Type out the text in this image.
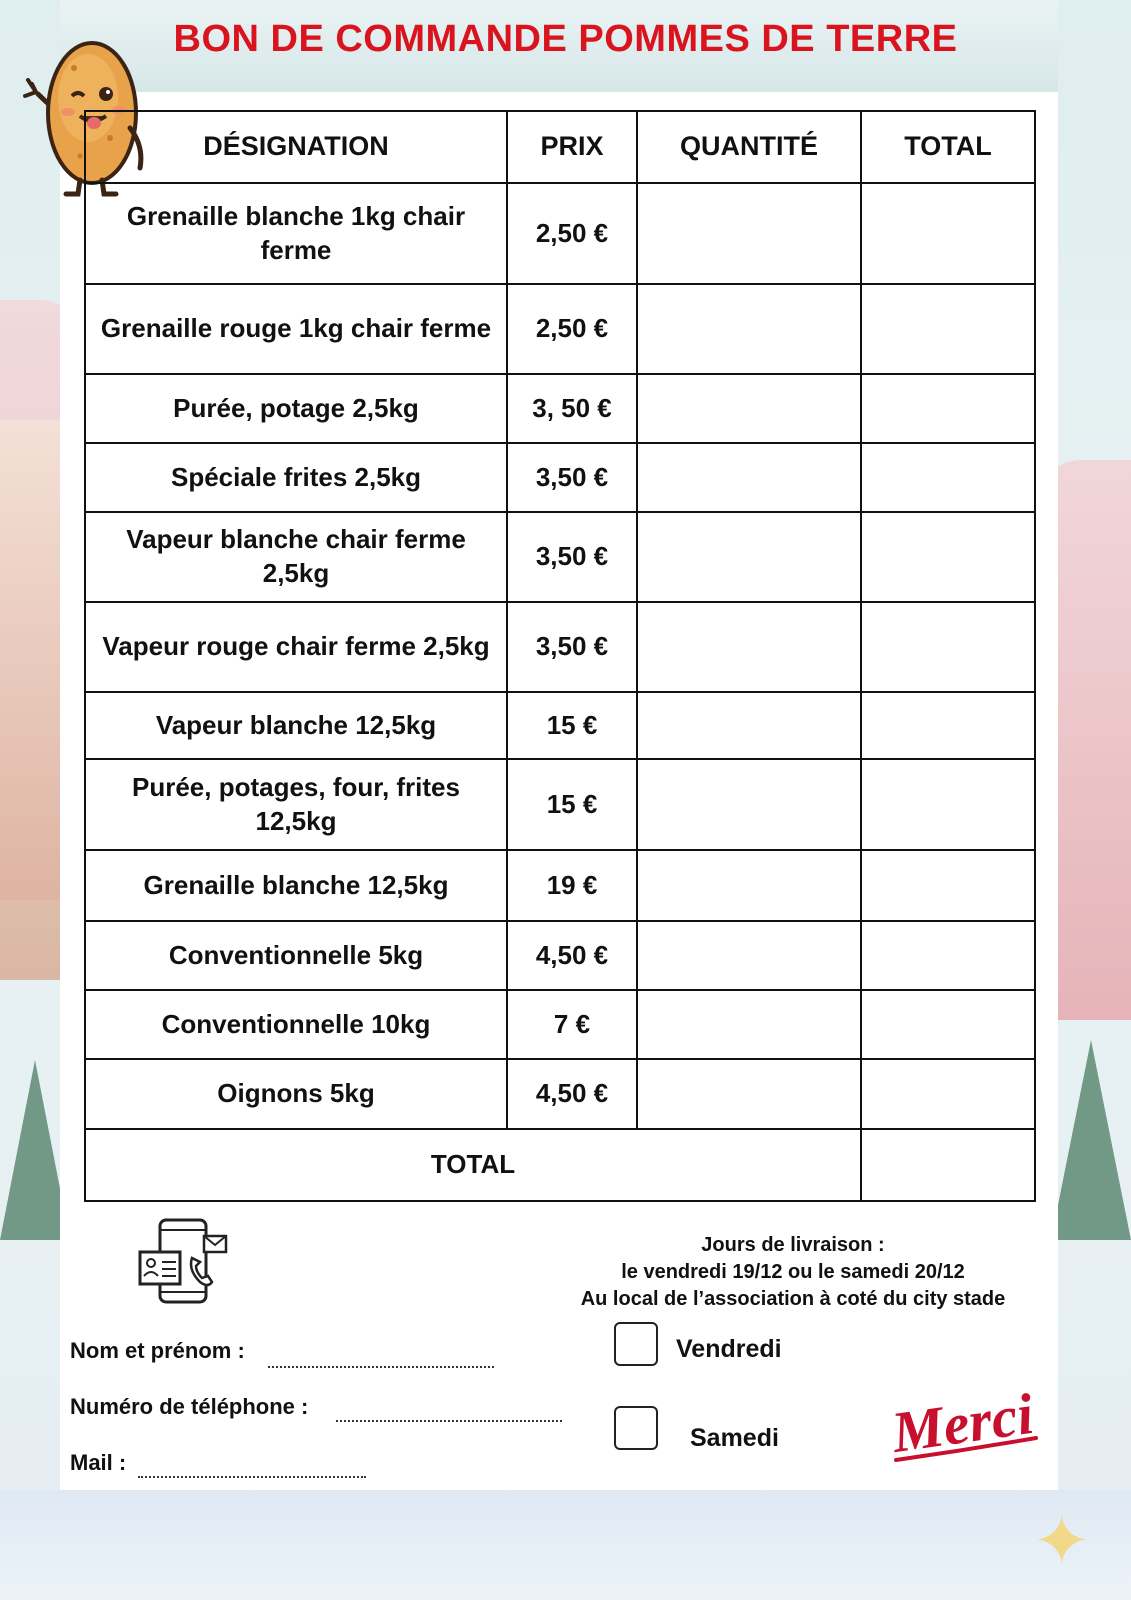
✦
BON DE COMMANDE POMMES DE TERRE
DÉSIGNATION	PRIX	QUANTITÉ	TOTAL
Grenaille blanche 1kg chair ferme	2,50 €		
Grenaille rouge 1kg chair ferme	2,50 €		
Purée, potage 2,5kg	3, 50 €		
Spéciale frites 2,5kg	3,50 €		
Vapeur blanche chair ferme 2,5kg	3,50 €		
Vapeur rouge chair ferme 2,5kg	3,50 €		
Vapeur blanche 12,5kg	15 €		
Purée, potages, four, frites 12,5kg	15 €		
Grenaille blanche 12,5kg	19 €		
Conventionnelle 5kg	4,50 €		
Conventionnelle 10kg	7 €		
Oignons 5kg	4,50 €		
TOTAL			
Nom et prénom :
Numéro de téléphone :
Mail :
Jours de livraison :
le vendredi 19/12 ou le samedi 20/12
Au local de l’association à coté du city stade
Vendredi
Samedi Merci
